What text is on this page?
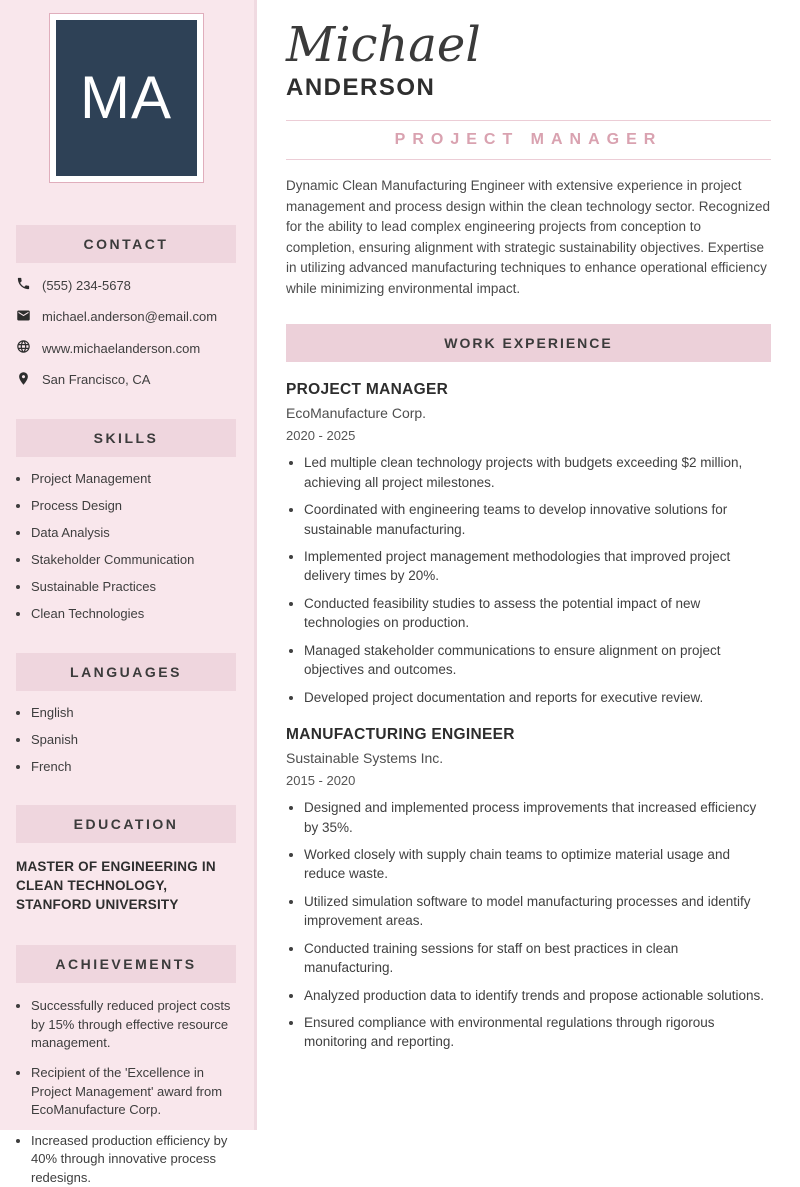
MA
CONTACT
(555) 234-5678
michael.anderson@email.com
www.michaelanderson.com
San Francisco, CA
SKILLS
• Project Management
• Process Design
• Data Analysis
• Stakeholder Communication
• Sustainable Practices
• Clean Technologies
LANGUAGES
• English
• Spanish
• French
EDUCATION
MASTER OF ENGINEERING IN CLEAN TECHNOLOGY, STANFORD UNIVERSITY
ACHIEVEMENTS
• Successfully reduced project costs by 15% through effective resource management.
• Recipient of the 'Excellence in Project Management' award from EcoManufacture Corp.
• Increased production efficiency by 40% through innovative process redesigns.
Michael
ANDERSON
PROJECT MANAGER

Dynamic Clean Manufacturing Engineer with extensive experience in project management and process design within the clean technology sector. Recognized for the ability to lead complex engineering projects from conception to completion, ensuring alignment with strategic sustainability objectives. Expertise in utilizing advanced manufacturing techniques to enhance operational efficiency while minimizing environmental impact.

WORK EXPERIENCE
PROJECT MANAGER
EcoManufacture Corp.
2020 - 2025
• Led multiple clean technology projects with budgets exceeding $2 million, achieving all project milestones.
• Coordinated with engineering teams to develop innovative solutions for sustainable manufacturing.
• Implemented project management methodologies that improved project delivery times by 20%.
• Conducted feasibility studies to assess the potential impact of new technologies on production.
• Managed stakeholder communications to ensure alignment on project objectives and outcomes.
• Developed project documentation and reports for executive review.
MANUFACTURING ENGINEER
Sustainable Systems Inc.
2015 - 2020
• Designed and implemented process improvements that increased efficiency by 35%.
• Worked closely with supply chain teams to optimize material usage and reduce waste.
• Utilized simulation software to model manufacturing processes and identify improvement areas.
• Conducted training sessions for staff on best practices in clean manufacturing.
• Analyzed production data to identify trends and propose actionable solutions.
• Ensured compliance with environmental regulations through rigorous monitoring and reporting.
